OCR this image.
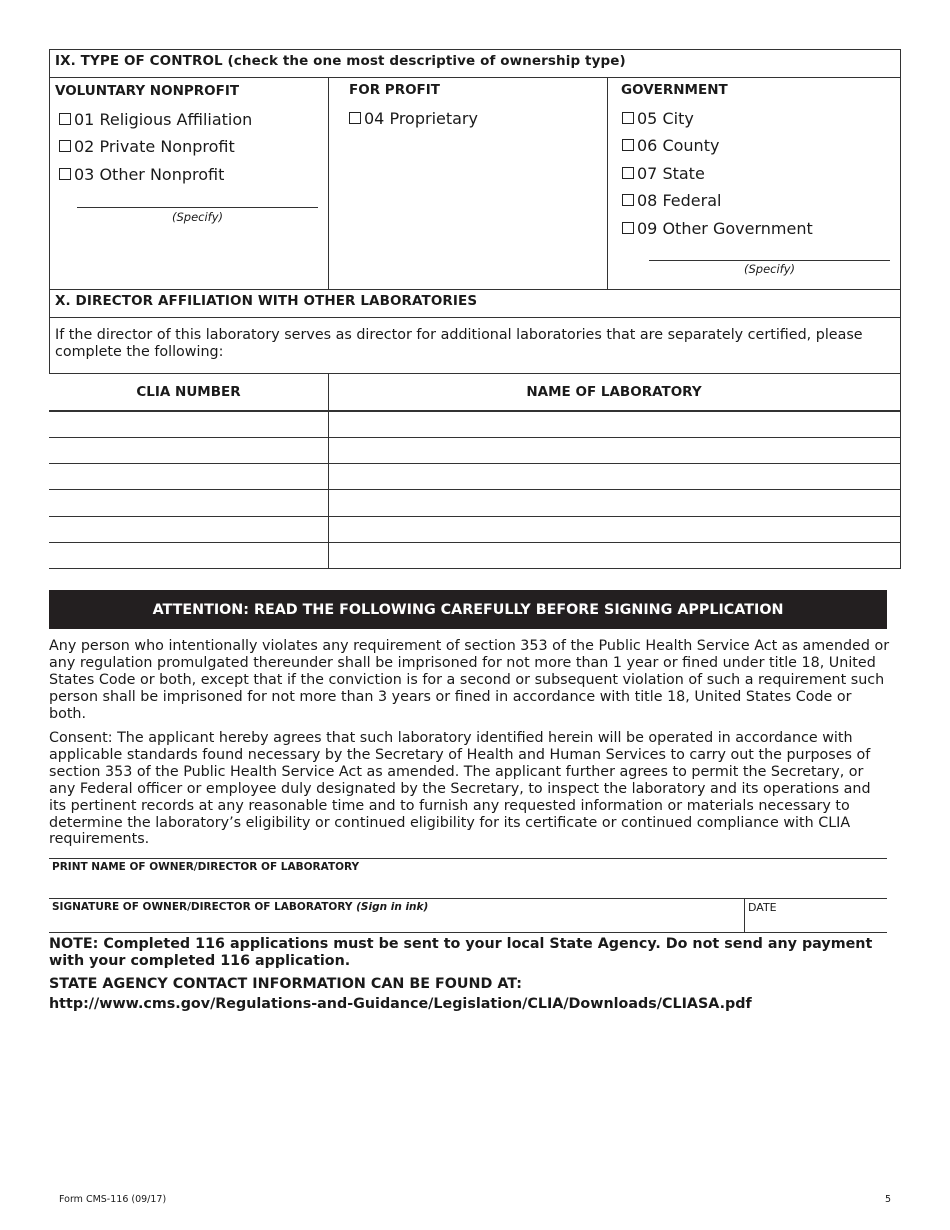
IX. TYPE OF CONTROL (check the one most descriptive of ownership type)
VOLUNTARY NONPROFIT
01 Religious Affiliation
02 Private Nonprofit
03 Other Nonprofit
(Specify)
FOR PROFIT
04 Proprietary
GOVERNMENT
05 City
06 County
07 State
08 Federal
09 Other Government
(Specify)
X. DIRECTOR AFFILIATION WITH OTHER LABORATORIES
If the director of this laboratory serves as director for additional laboratories that are separately certified, please complete the following:
CLIA NUMBER	NAME OF LABORATORY
ATTENTION: READ THE FOLLOWING CAREFULLY BEFORE SIGNING APPLICATION
Any person who intentionally violates any requirement of section 353 of the Public Health Service Act as amended or any regulation promulgated thereunder shall be imprisoned for not more than 1 year or fined under title 18, United States Code or both, except that if the conviction is for a second or subsequent violation of such a requirement such person shall be imprisoned for not more than 3 years or fined in accordance with title 18, United States Code or both.
Consent: The applicant hereby agrees that such laboratory identified herein will be operated in accordance with applicable standards found necessary by the Secretary of Health and Human Services to carry out the purposes of section 353 of the Public Health Service Act as amended. The applicant further agrees to permit the Secretary, or any Federal officer or employee duly designated by the Secretary, to inspect the laboratory and its operations and its pertinent records at any reasonable time and to furnish any requested information or materials necessary to determine the laboratory’s eligibility or continued eligibility for its certificate or continued compliance with CLIA requirements.
PRINT NAME OF OWNER/DIRECTOR OF LABORATORY
SIGNATURE OF OWNER/DIRECTOR OF LABORATORY (Sign in ink)	DATE
NOTE: Completed 116 applications must be sent to your local State Agency. Do not send any payment with your completed 116 application.
STATE AGENCY CONTACT INFORMATION CAN BE FOUND AT:
http://www.cms.gov/Regulations-and-Guidance/Legislation/CLIA/Downloads/CLIASA.pdf
Form CMS-116 (09/17)	5
